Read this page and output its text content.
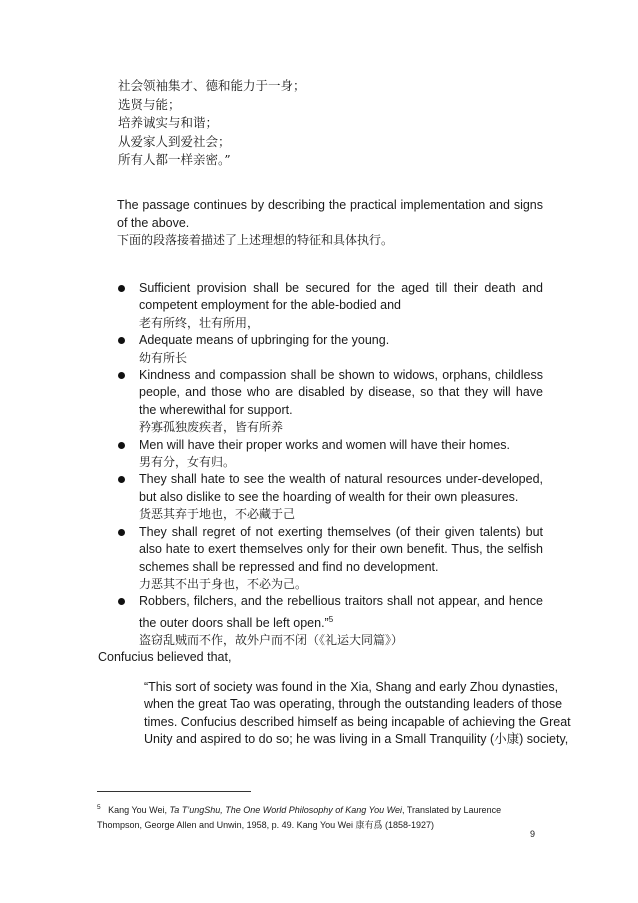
社会领袖集才、德和能力于一身；
选贤与能；
培养诚实与和谐；
从爱家人到爱社会；
所有人都一样亲密。”
The passage continues by describing the practical implementation and signs of the above.
下面的段落接着描述了上述理想的特征和具体执行。
Sufficient provision shall be secured for the aged till their death and competent employment for the able-bodied and
老有所终，壮有所用，
Adequate means of upbringing for the young.
幼有所长
Kindness and compassion shall be shown to widows, orphans, childless people, and those who are disabled by disease, so that they will have the wherewithal for support.
矜寡孤独废疾者，皆有所养
Men will have their proper works and women will have their homes.
男有分，女有归。
They shall hate to see the wealth of natural resources under-developed, but also dislike to see the hoarding of wealth for their own pleasures.
货恶其弃于地也，不必藏于己
They shall regret of not exerting themselves (of their given talents) but also hate to exert themselves only for their own benefit. Thus, the selfish schemes shall be repressed and find no development.
力恶其不出于身也，不必为己。
Robbers, filchers, and the rebellious traitors shall not appear, and hence the outer doors shall be left open.”$^5$
盗窃乱贼而不作，故外户而不闭（《礼运大同篇》）
Confucius believed that,
“This sort of society was found in the Xia, Shang and early Zhou dynasties,
when the great Tao was operating, through the outstanding leaders of those
times. Confucius described himself as being incapable of achieving the Great
Unity and aspired to do so; he was living in a Small Tranquility (小康) society,
$^5$ Kang You Wei, Ta T’ungShu, The One World Philosophy of Kang You Wei, Translated by Laurence
Thompson, George Allen and Unwin, 1958, p. 49. Kang You Wei 康有爲 (1858-1927)
9
